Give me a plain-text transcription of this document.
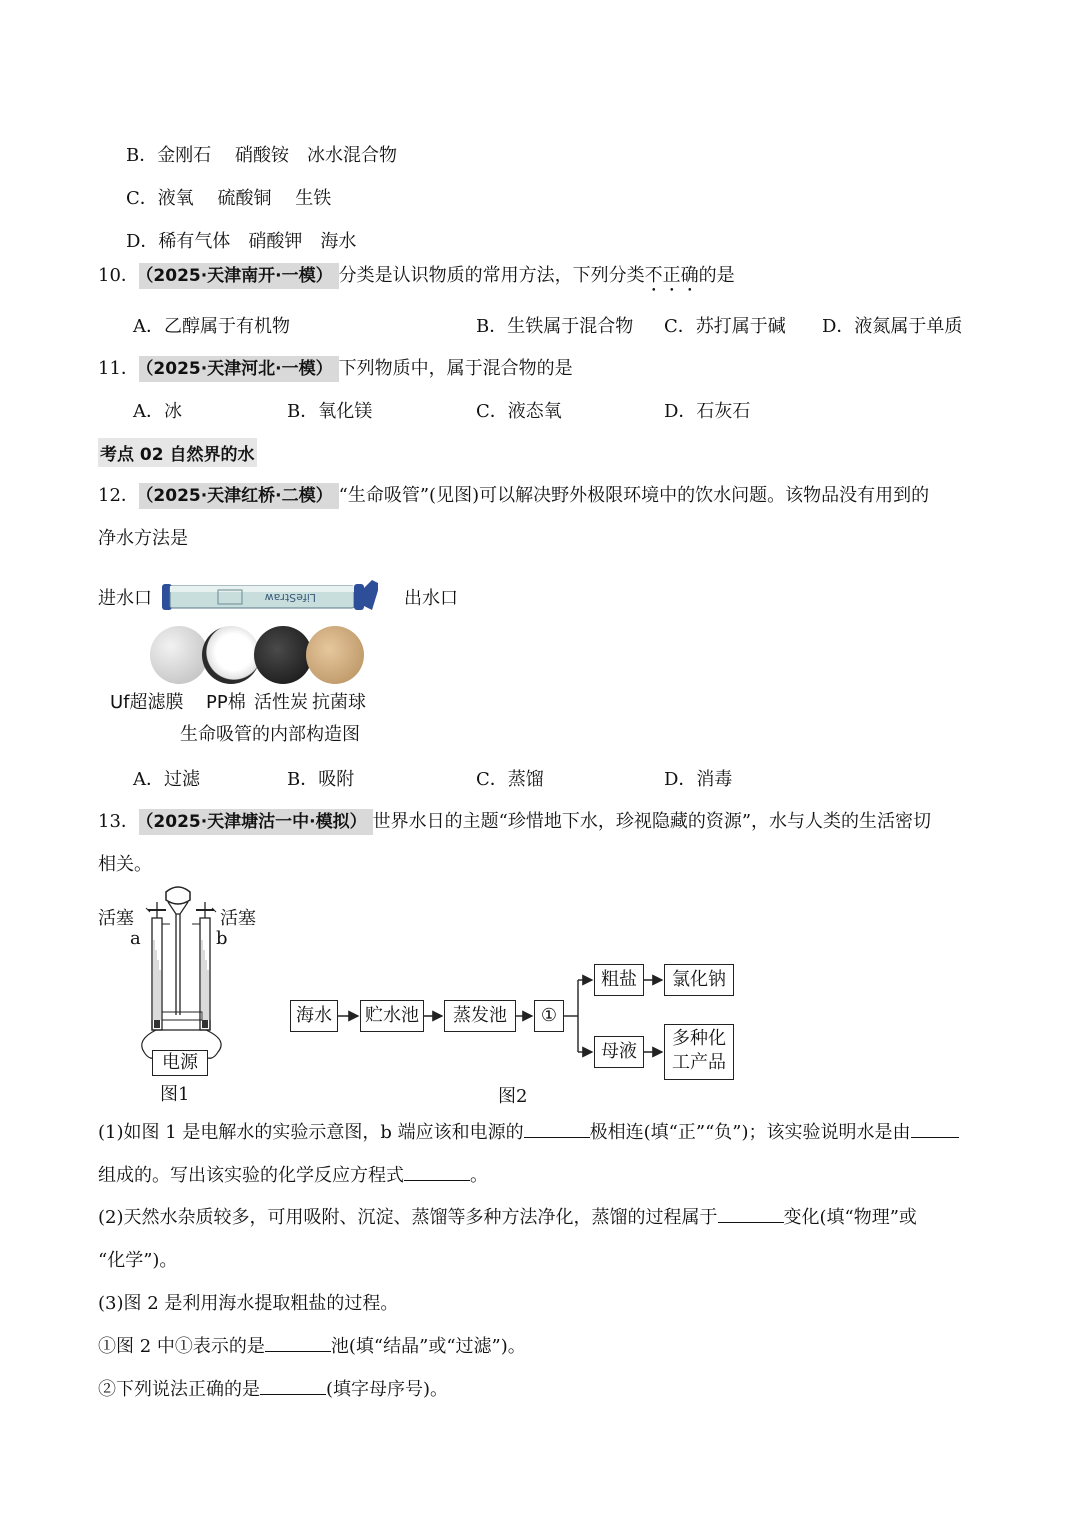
B．金刚石　 硝酸铵　冰水混合物
C．液氧　 硫酸铜　 生铁
D．稀有气体　硝酸钾　海水
10． （2025·天津南开·一模） 分类是认识物质的常用方法，下列分类不正确的是
A．乙醇属于有机物	B．生铁属于混合物 C．苏打属于碱 D．液氮属于单质
11． （2025·天津河北·一模） 下列物质中，属于混合物的是
A．冰	B．氧化镁	C．液态氧	D．石灰石
考点 02 自然界的水
12． （2025·天津红桥·二模） “生命吸管”(见图)可以解决野外极限环境中的饮水问题。该物品没有用到的
净水方法是
进水口	出水口
LifeStraw
Uf超滤膜 PP棉 活性炭 抗菌球
生命吸管的内部构造图
A．过滤	B．吸附	C．蒸馏	D．消毒
13． （2025·天津塘沽一中·模拟） 世界水日的主题“珍惜地下水，珍视隐藏的资源”，水与人类的生活密切
相关。
活塞	活塞
a	b
电源
图1
海水	贮水池	蒸发池	①
粗盐	氯化钠
母液
多种化
工产品
图2
(1)如图 1 是电解水的实验示意图，b 端应该和电源的	极相连(填“正”“负”)；该实验说明水是由
组成的。写出该实验的化学反应方程式	。
(2)天然水杂质较多，可用吸附、沉淀、蒸馏等多种方法净化，蒸馏的过程属于	变化(填“物理”或
“化学”)。
(3)图 2 是利用海水提取粗盐的过程。
①图 2 中①表示的是	池(填“结晶”或“过滤”)。
②下列说法正确的是	(填字母序号)。
